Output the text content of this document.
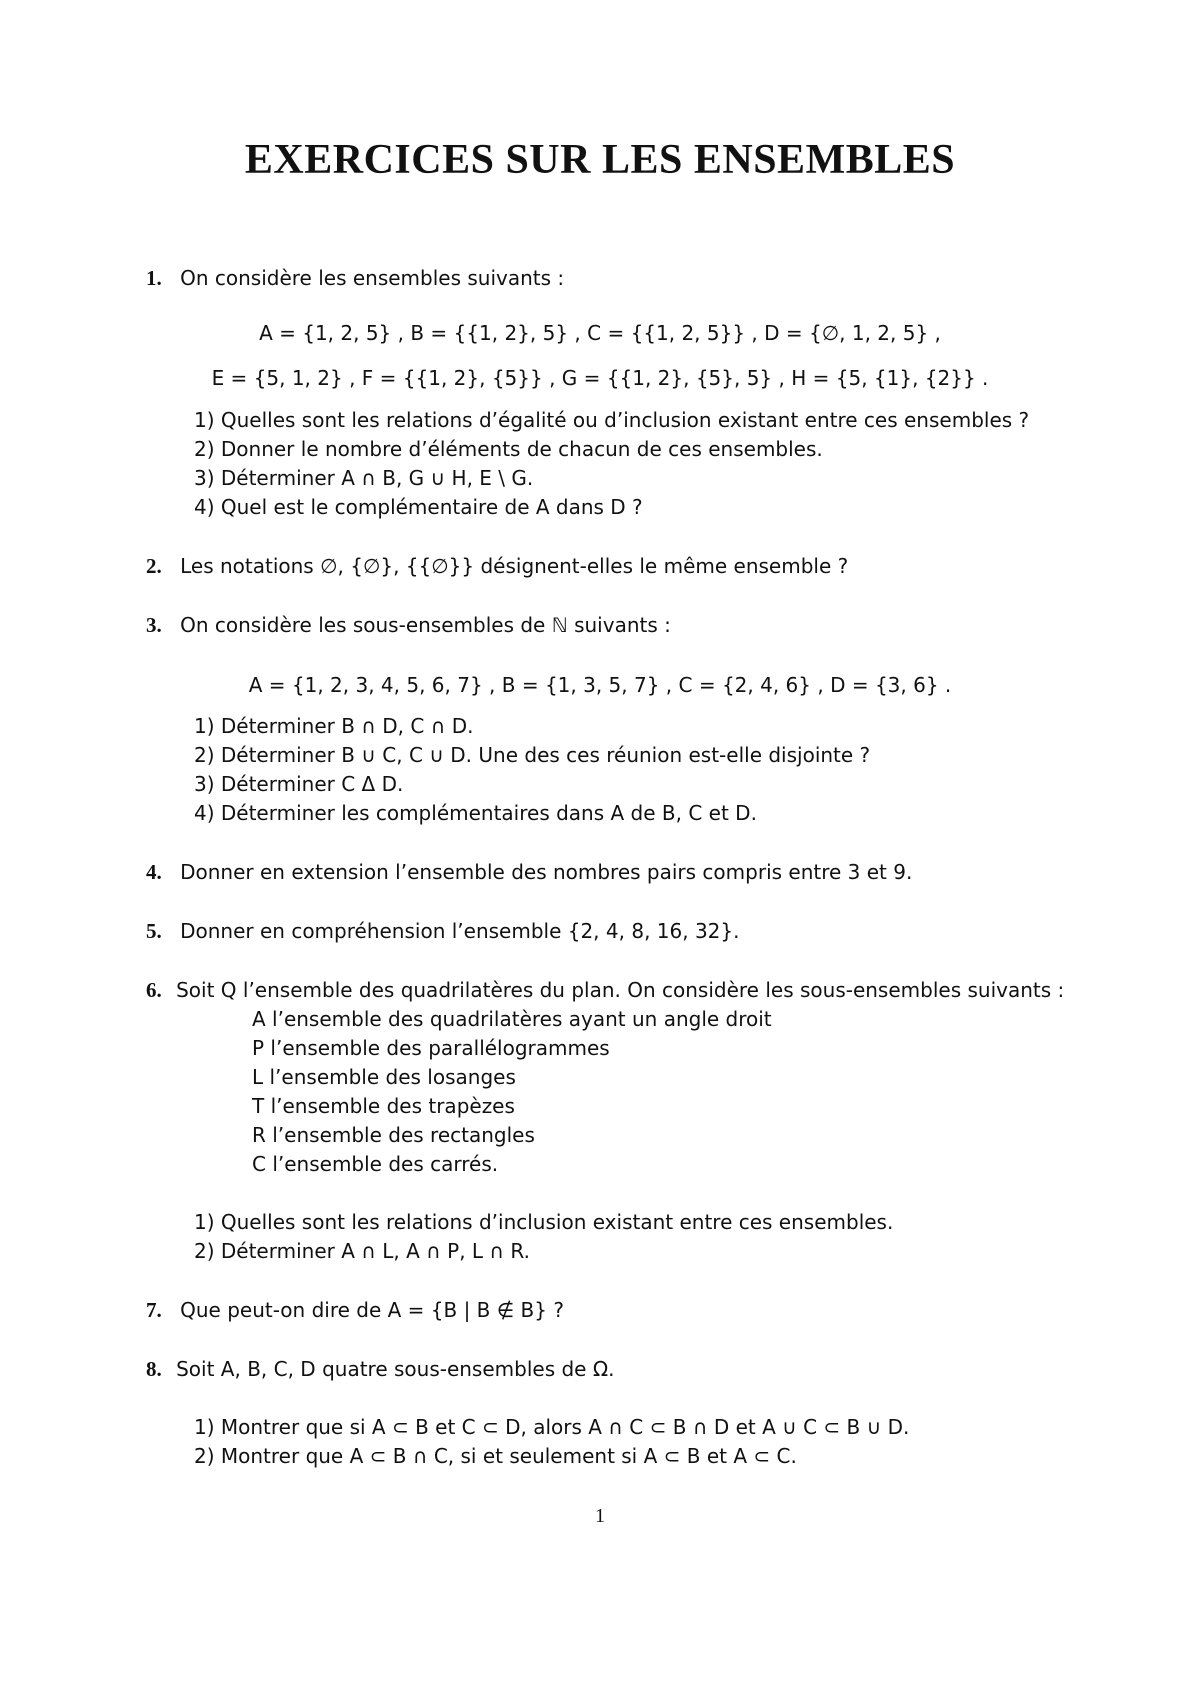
EXERCICES SUR LES ENSEMBLES
1. On considère les ensembles suivants :
A = {1, 2, 5} , B = {{1, 2}, 5} , C = {{1, 2, 5}} , D = {∅, 1, 2, 5} ,
E = {5, 1, 2} , F = {{1, 2}, {5}} , G = {{1, 2}, {5}, 5} , H = {5, {1}, {2}} .
1) Quelles sont les relations d’égalité ou d’inclusion existant entre ces ensembles ?
2) Donner le nombre d’éléments de chacun de ces ensembles.
3) Déterminer A ∩ B, G ∪ H, E \ G.
4) Quel est le complémentaire de A dans D ?
2. Les notations ∅, {∅}, {{∅}} désignent-elles le même ensemble ?
3. On considère les sous-ensembles de ℕ suivants :
A = {1, 2, 3, 4, 5, 6, 7} , B = {1, 3, 5, 7} , C = {2, 4, 6} , D = {3, 6} .
1) Déterminer B ∩ D, C ∩ D.
2) Déterminer B ∪ C, C ∪ D. Une des ces réunion est-elle disjointe ?
3) Déterminer C Δ D.
4) Déterminer les complémentaires dans A de B, C et D.
4. Donner en extension l’ensemble des nombres pairs compris entre 3 et 9.
5. Donner en compréhension l’ensemble {2, 4, 8, 16, 32}.
6. Soit Q l’ensemble des quadrilatères du plan. On considère les sous-ensembles suivants :
A l’ensemble des quadrilatères ayant un angle droit
P l’ensemble des parallélogrammes
L l’ensemble des losanges
T l’ensemble des trapèzes
R l’ensemble des rectangles
C l’ensemble des carrés.
1) Quelles sont les relations d’inclusion existant entre ces ensembles.
2) Déterminer A ∩ L, A ∩ P, L ∩ R.
7. Que peut-on dire de A = {B | B ∉ B} ?
8. Soit A, B, C, D quatre sous-ensembles de Ω.
1) Montrer que si A ⊂ B et C ⊂ D, alors A ∩ C ⊂ B ∩ D et A ∪ C ⊂ B ∪ D.
2) Montrer que A ⊂ B ∩ C, si et seulement si A ⊂ B et A ⊂ C.
1
